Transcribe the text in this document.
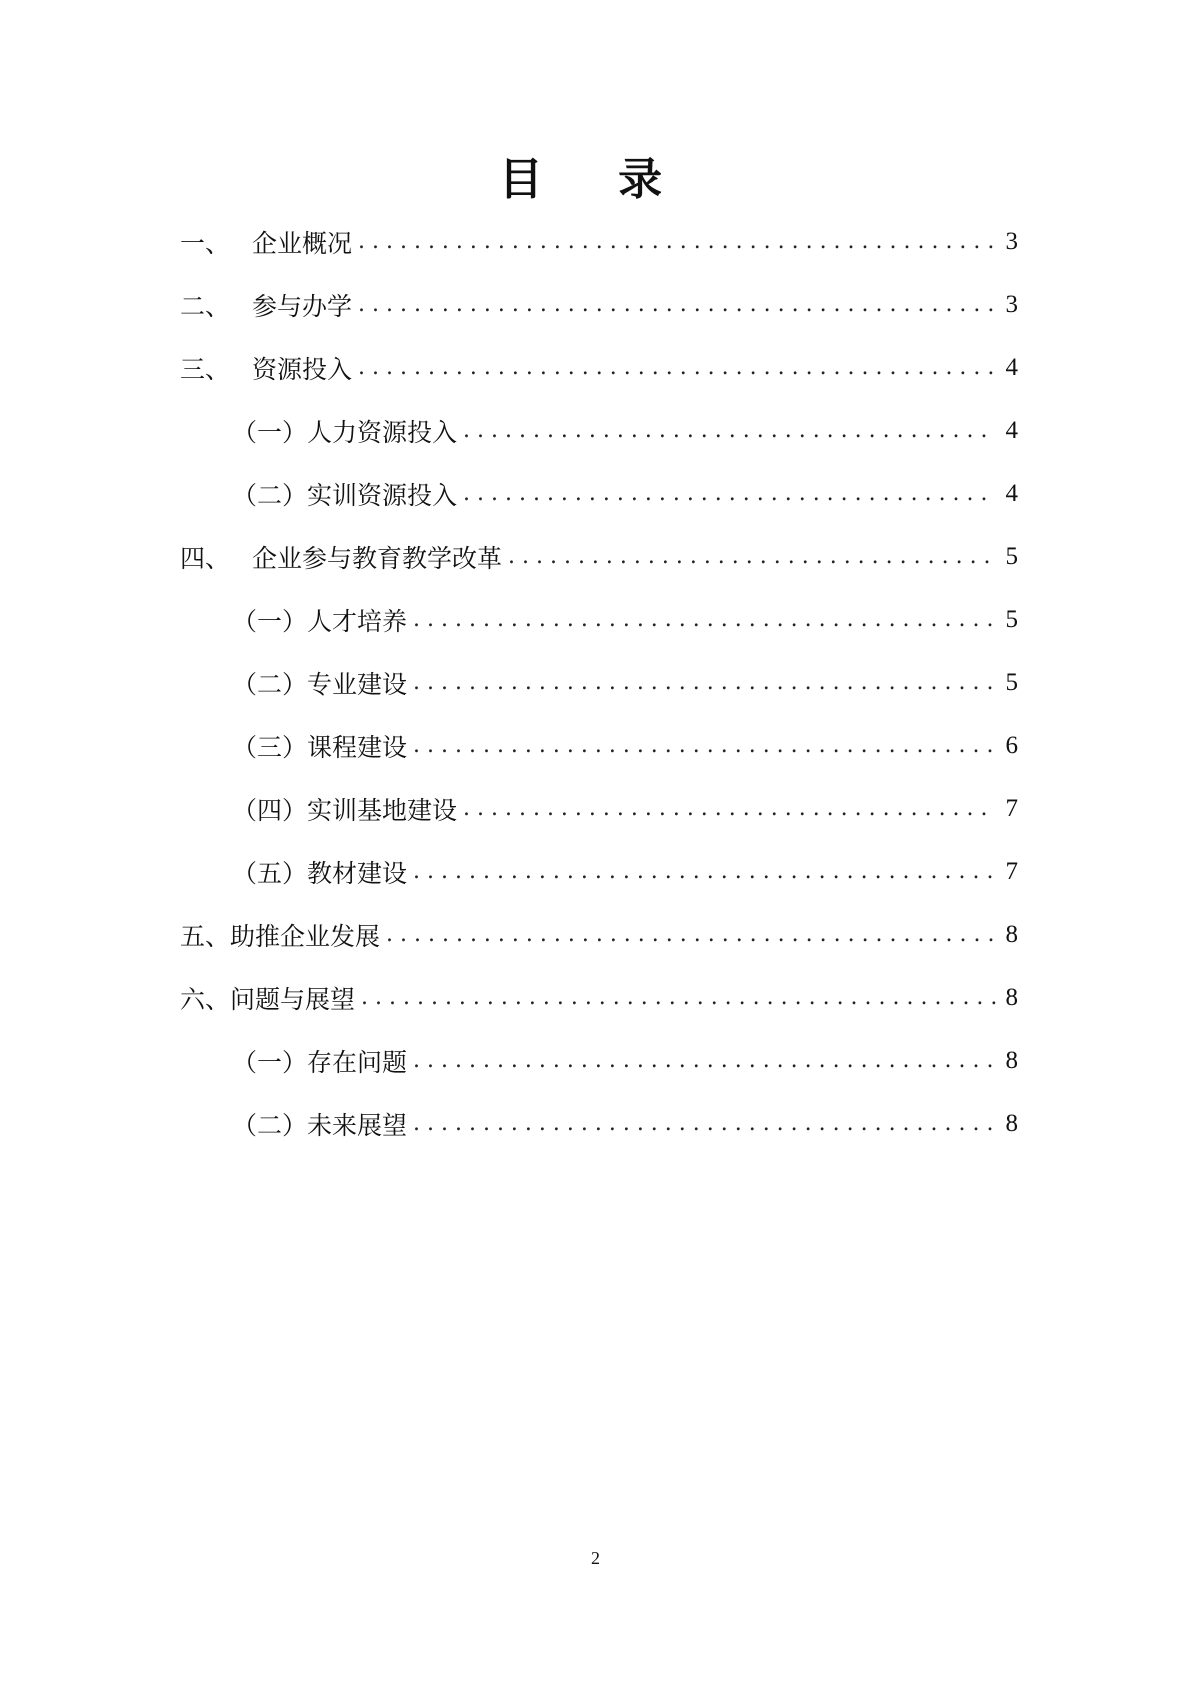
目 录
一、 企业概况 . . .	3
二、 参与办学 . . .	3
三、 资源投入 . . .	4
（一）人力资源投入 . . .	4
（二）实训资源投入 . . .	4
四、 企业参与教育教学改革 . . .	5
（一）人才培养 . . .	5
（二）专业建设 . . .	5
（三）课程建设 . . .	6
（四）实训基地建设 . . .	7
（五）教材建设 . . .	7
五、助推企业发展 . . .	8
六、问题与展望 . . .	8
（一）存在问题 . . .	8
（二）未来展望 . . .	8
2
